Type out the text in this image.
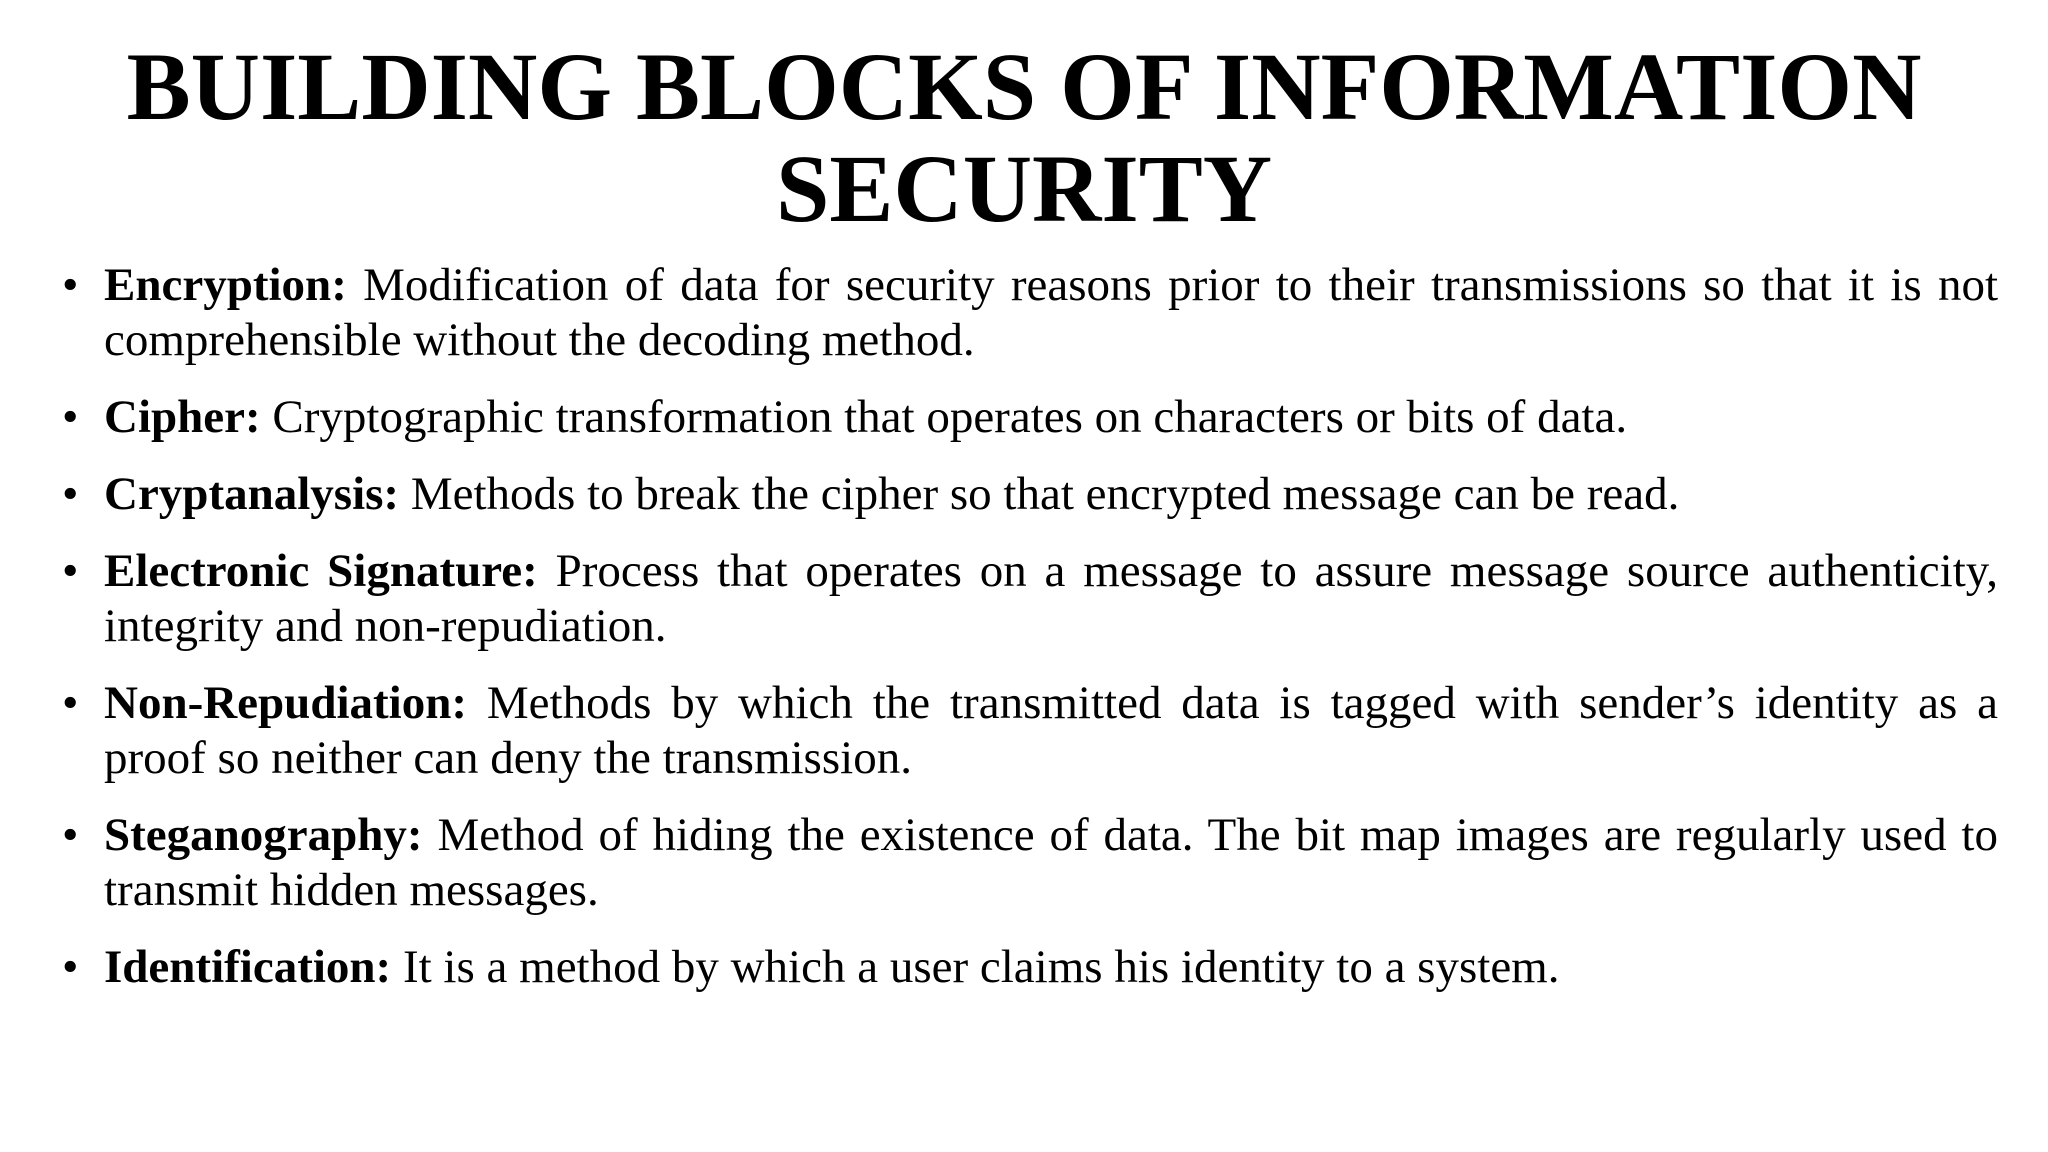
BUILDING BLOCKS OF INFORMATION SECURITY
• Encryption: Modification of data for security reasons prior to their transmissions so that it is not comprehensible without the decoding method.
• Cipher: Cryptographic transformation that operates on characters or bits of data.
• Cryptanalysis: Methods to break the cipher so that encrypted message can be read.
• Electronic Signature: Process that operates on a message to assure message source authenticity, integrity and non-repudiation.
• Non-Repudiation: Methods by which the transmitted data is tagged with sender’s identity as a proof so neither can deny the transmission.
• Steganography: Method of hiding the existence of data. The bit map images are regularly used to transmit hidden messages.
• Identification: It is a method by which a user claims his identity to a system.
